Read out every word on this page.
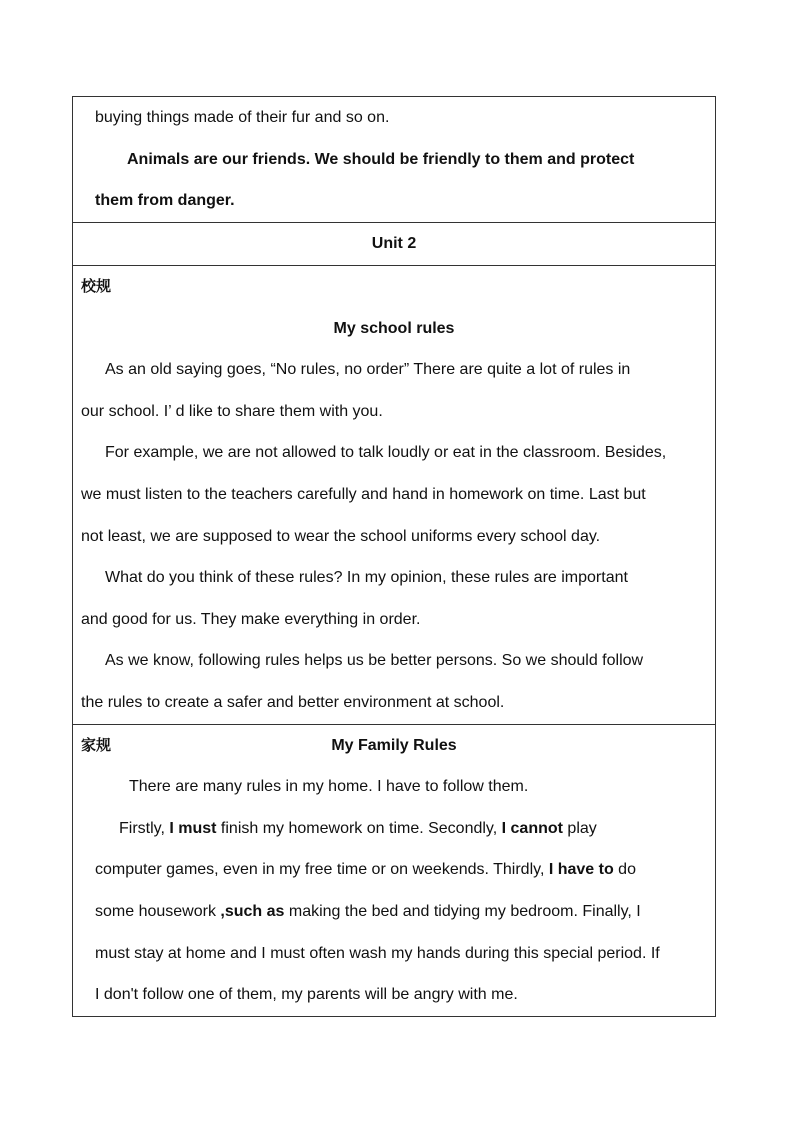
buying things made of their fur and so on.
Animals are our friends. We should be friendly to them and protect
them from danger.

Unit 2

校规
My school rules
As an old saying goes, “No rules, no order” There are quite a lot of rules in
our school. I’ d like to share them with you.
For example, we are not allowed to talk loudly or eat in the classroom. Besides,
we must listen to the teachers carefully and hand in homework on time. Last but
not least, we are supposed to wear the school uniforms every school day.
What do you think of these rules? In my opinion, these rules are important
and good for us. They make everything in order.
As we know, following rules helps us be better persons. So we should follow
the rules to create a safer and better environment at school.

家规	My Family Rules
There are many rules in my home. I have to follow them.
Firstly, I must finish my homework on time. Secondly, I cannot play
computer games, even in my free time or on weekends. Thirdly, I have to do
some housework ,such as making the bed and tidying my bedroom. Finally, I
must stay at home and I must often wash my hands during this special period. If
I don't follow one of them, my parents will be angry with me.
